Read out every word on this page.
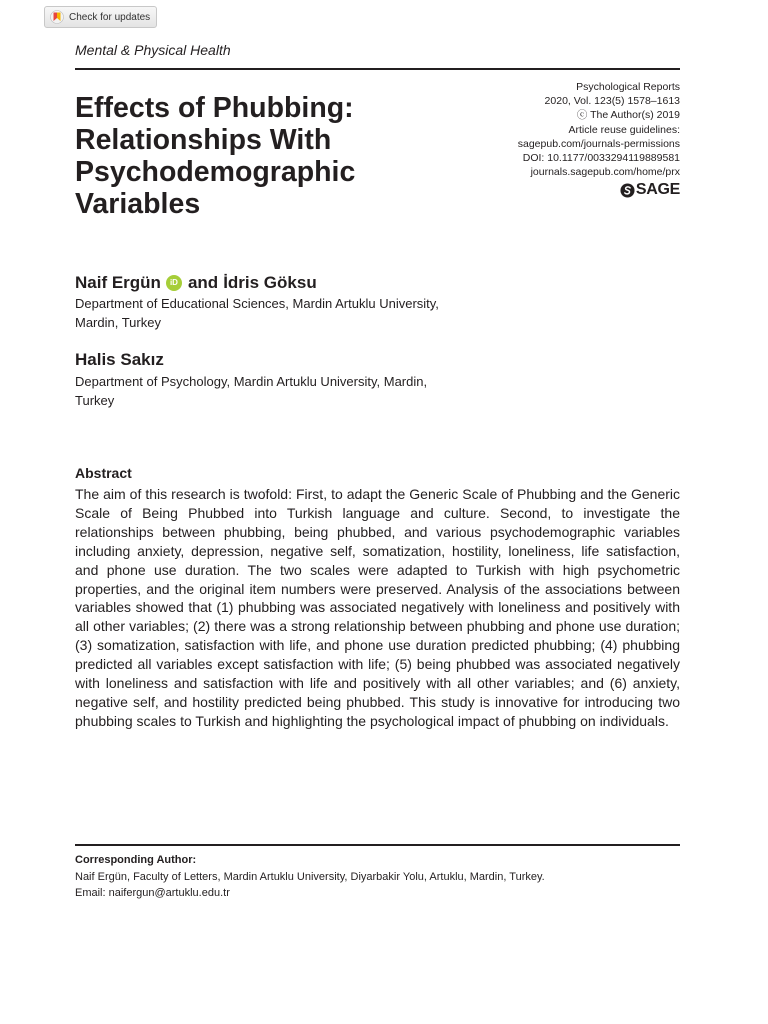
Check for updates
Mental & Physical Health
Effects of Phubbing: Relationships With Psychodemographic Variables
Psychological Reports
2020, Vol. 123(5) 1578–1613
ⓒ The Author(s) 2019
Article reuse guidelines:
sagepub.com/journals-permissions
DOI: 10.1177/0033294119889581
journals.sagepub.com/home/prx
SAGE
Naif Ergün	iD and İdris Göksu
Department of Educational Sciences, Mardin Artuklu University, Mardin, Turkey
Halis Sakız
Department of Psychology, Mardin Artuklu University, Mardin, Turkey
Abstract

The aim of this research is twofold: First, to adapt the Generic Scale of Phubbing and the Generic Scale of Being Phubbed into Turkish language and culture. Second, to investigate the relationships between phubbing, being phubbed, and various psychodemographic variables including anxiety, depression, negative self, somatization, hostility, loneliness, life satisfaction, and phone use duration. The two scales were adapted to Turkish with high psychometric properties, and the original item numbers were preserved. Analysis of the associations between variables showed that (1) phubbing was associated negatively with loneliness and positively with all other variables; (2) there was a strong relationship between phubbing and phone use duration; (3) somatization, satisfaction with life, and phone use duration predicted phubbing; (4) phubbing predicted all variables except satisfaction with life; (5) being phubbed was associated negatively with loneliness and satisfaction with life and positively with all other variables; and (6) anxiety, negative self, and hostility predicted being phubbed. This study is innovative for introducing two phubbing scales to Turkish and highlighting the psychological impact of phubbing on individuals.

Corresponding Author:
Naif Ergün, Faculty of Letters, Mardin Artuklu University, Diyarbakir Yolu, Artuklu, Mardin, Turkey.
Email: naifergun@artuklu.edu.tr
